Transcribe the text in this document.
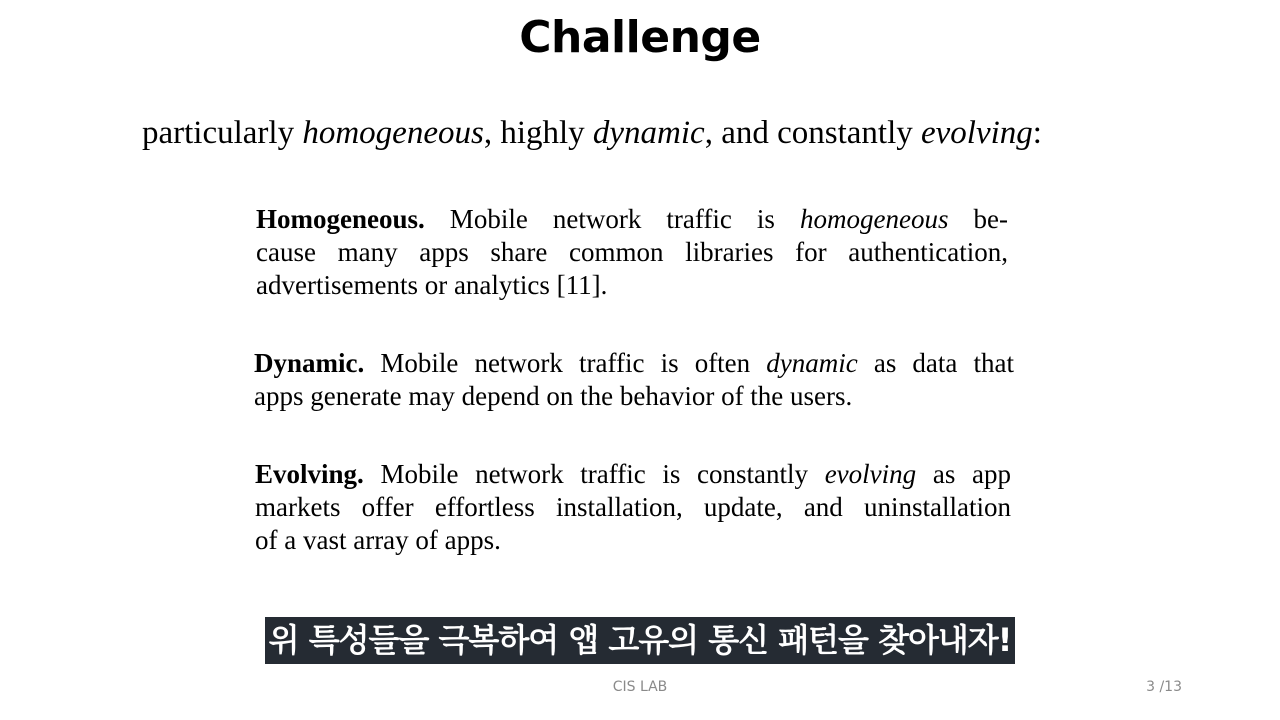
Challenge
particularly homogeneous, highly dynamic, and constantly evolving:
Homogeneous. Mobile network traffic is homogeneous be-
cause many apps share common libraries for authentication,
advertisements or analytics [11].
Dynamic. Mobile network traffic is often dynamic as data that
apps generate may depend on the behavior of the users.
Evolving. Mobile network traffic is constantly evolving as app
markets offer effortless installation, update, and uninstallation
of a vast array of apps.
위 특성들을 극복하여 앱 고유의 통신 패턴을 찾아내자!
CIS LAB	3 /13
